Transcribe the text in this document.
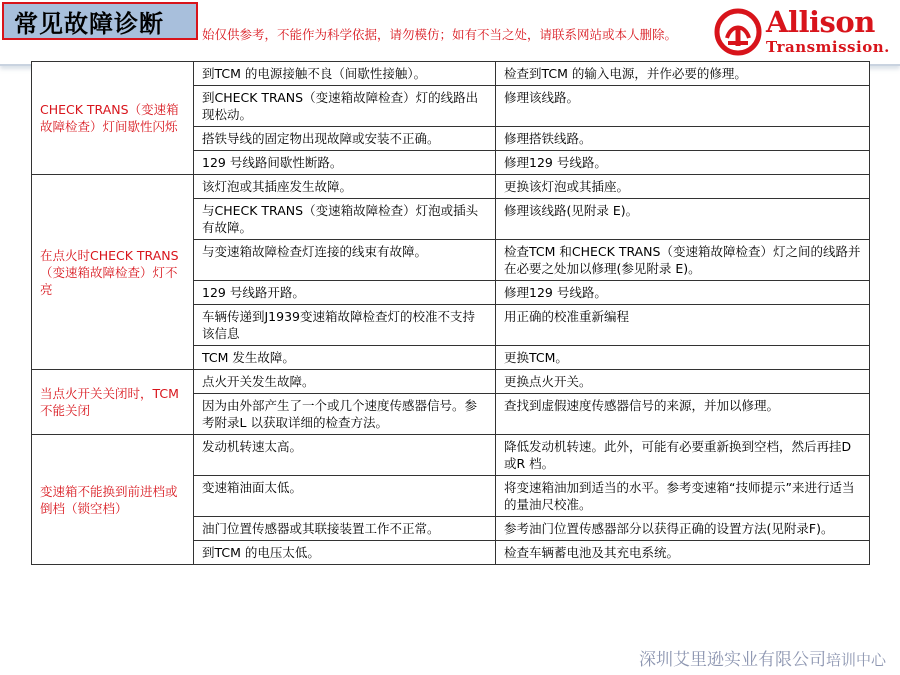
常见故障诊断	始仅供参考，不能作为科学依据，请勿模仿；如有不当之处，请联系网站或本人删除。	Allison
Transmission.
CHECK TRANS（变速箱故障检查）灯间歇性闪烁	到TCM 的电源接触不良（间歇性接触）。	检查到TCM 的输入电源，并作必要的修理。
	到CHECK TRANS（变速箱故障检查）灯的线路出现松动。	修理该线路。
	搭铁导线的固定物出现故障或安装不正确。	修理搭铁线路。
	129 号线路间歇性断路。	修理129 号线路。
在点火时CHECK TRANS（变速箱故障检查）灯不亮	该灯泡或其插座发生故障。	更换该灯泡或其插座。
	与CHECK TRANS（变速箱故障检查）灯泡或插头有故障。	修理该线路(见附录 E)。
	与变速箱故障检查灯连接的线束有故障。	检查TCM 和CHECK TRANS（变速箱故障检查）灯之间的线路并在必要之处加以修理(参见附录 E)。
	129 号线路开路。	修理129 号线路。
	车辆传递到J1939变速箱故障检查灯的校准不支持该信息	用正确的校准重新编程
	TCM 发生故障。	更换TCM。
当点火开关关闭时，TCM 不能关闭	点火开关发生故障。	更换点火开关。
	因为由外部产生了一个或几个速度传感器信号。参考附录L 以获取详细的检查方法。	查找到虚假速度传感器信号的来源，并加以修理。
变速箱不能换到前进档或倒档（锁空档）	发动机转速太高。	降低发动机转速。此外，可能有必要重新换到空档，然后再挂D 或R 档。
	变速箱油面太低。	将变速箱油加到适当的水平。参考变速箱“技师提示”来进行适当的量油尺校准。
	油门位置传感器或其联接装置工作不正常。	参考油门位置传感器部分以获得正确的设置方法(见附录F)。
	到TCM 的电压太低。	检查车辆蓄电池及其充电系统。
深圳艾里逊实业有限公司培训中心
